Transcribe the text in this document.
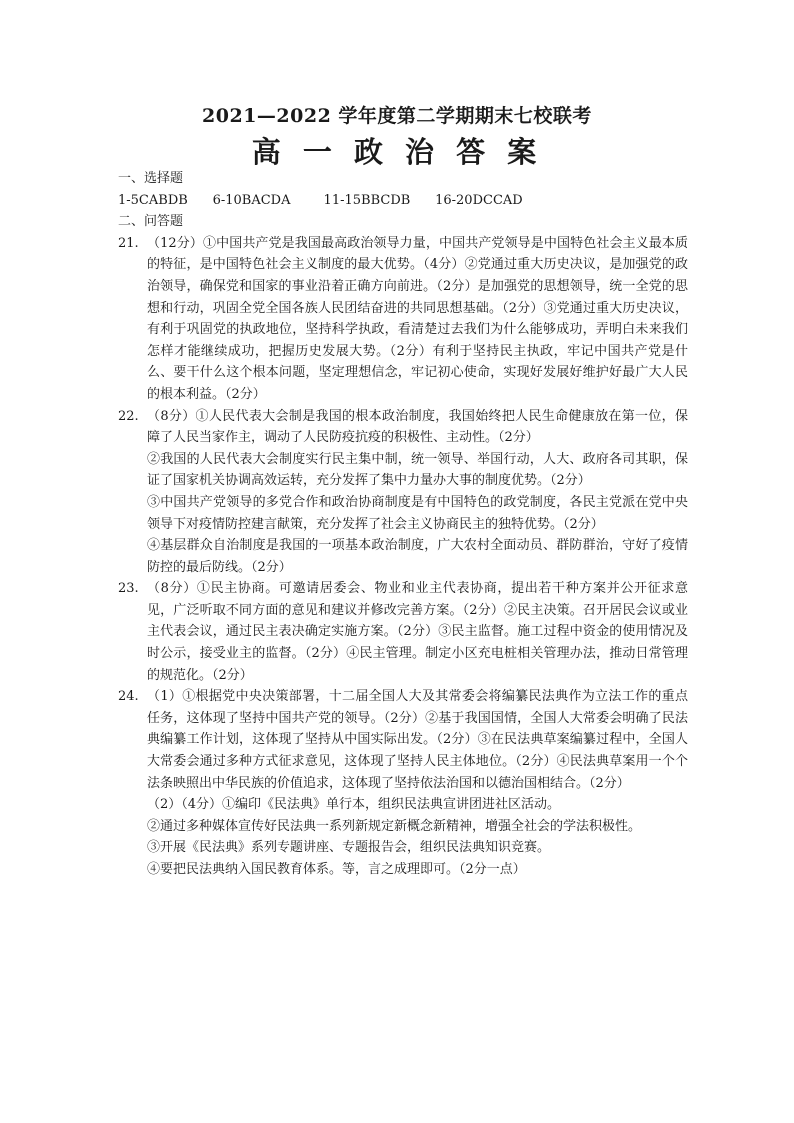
2021—2022 学年度第二学期期末七校联考
高 一 政 治 答 案
一、选择题
1-5CABDB      6-10BACDA        11-15BBCDB      16-20DCCAD
二、问答题
21. （12分）①中国共产党是我国最高政治领导力量，中国共产党领导是中国特色社会主义最本质的特征，是中国特色社会主义制度的最大优势。（4分）②党通过重大历史决议，是加强党的政治领导，确保党和国家的事业沿着正确方向前进。（2分）是加强党的思想领导，统一全党的思想和行动，巩固全党全国各族人民团结奋进的共同思想基础。（2分）③党通过重大历史决议，有利于巩固党的执政地位，坚持科学执政，看清楚过去我们为什么能够成功，弄明白未来我们怎样才能继续成功，把握历史发展大势。（2分）有利于坚持民主执政，牢记中国共产党是什么、要干什么这个根本问题，坚定理想信念，牢记初心使命，实现好发展好维护好最广大人民的根本利益。（2分）

22. （8分）①人民代表大会制是我国的根本政治制度，我国始终把人民生命健康放在第一位，保障了人民当家作主，调动了人民防疫抗疫的积极性、主动性。（2分）

②我国的人民代表大会制度实行民主集中制，统一领导、举国行动，人大、政府各司其职，保证了国家机关协调高效运转，充分发挥了集中力量办大事的制度优势。（2分）

③中国共产党领导的多党合作和政治协商制度是有中国特色的政党制度，各民主党派在党中央领导下对疫情防控建言献策，充分发挥了社会主义协商民主的独特优势。（2分）

④基层群众自治制度是我国的一项基本政治制度，广大农村全面动员、群防群治，守好了疫情防控的最后防线。（2分）

23. （8分）①民主协商。可邀请居委会、物业和业主代表协商，提出若干种方案并公开征求意见，广泛听取不同方面的意见和建议并修改完善方案。（2分）②民主决策。召开居民会议或业主代表会议，通过民主表决确定实施方案。（2分）③民主监督。施工过程中资金的使用情况及时公示，接受业主的监督。（2分）④民主管理。制定小区充电桩相关管理办法，推动日常管理的规范化。（2分）

24. （1）①根据党中央决策部署，十二届全国人大及其常委会将编纂民法典作为立法工作的重点任务，这体现了坚持中国共产党的领导。（2分）②基于我国国情，全国人大常委会明确了民法典编纂工作计划，这体现了坚持从中国实际出发。（2分）③在民法典草案编纂过程中，全国人大常委会通过多种方式征求意见，这体现了坚持人民主体地位。（2分）④民法典草案用一个个法条映照出中华民族的价值追求，这体现了坚持依法治国和以德治国相结合。（2分）

（2）（4分）①编印《民法典》单行本，组织民法典宣讲团进社区活动。

②通过多种媒体宣传好民法典一系列新规定新概念新精神，增强全社会的学法积极性。

③开展《民法典》系列专题讲座、专题报告会，组织民法典知识竞赛。

④要把民法典纳入国民教育体系。等，言之成理即可。（2分一点）
